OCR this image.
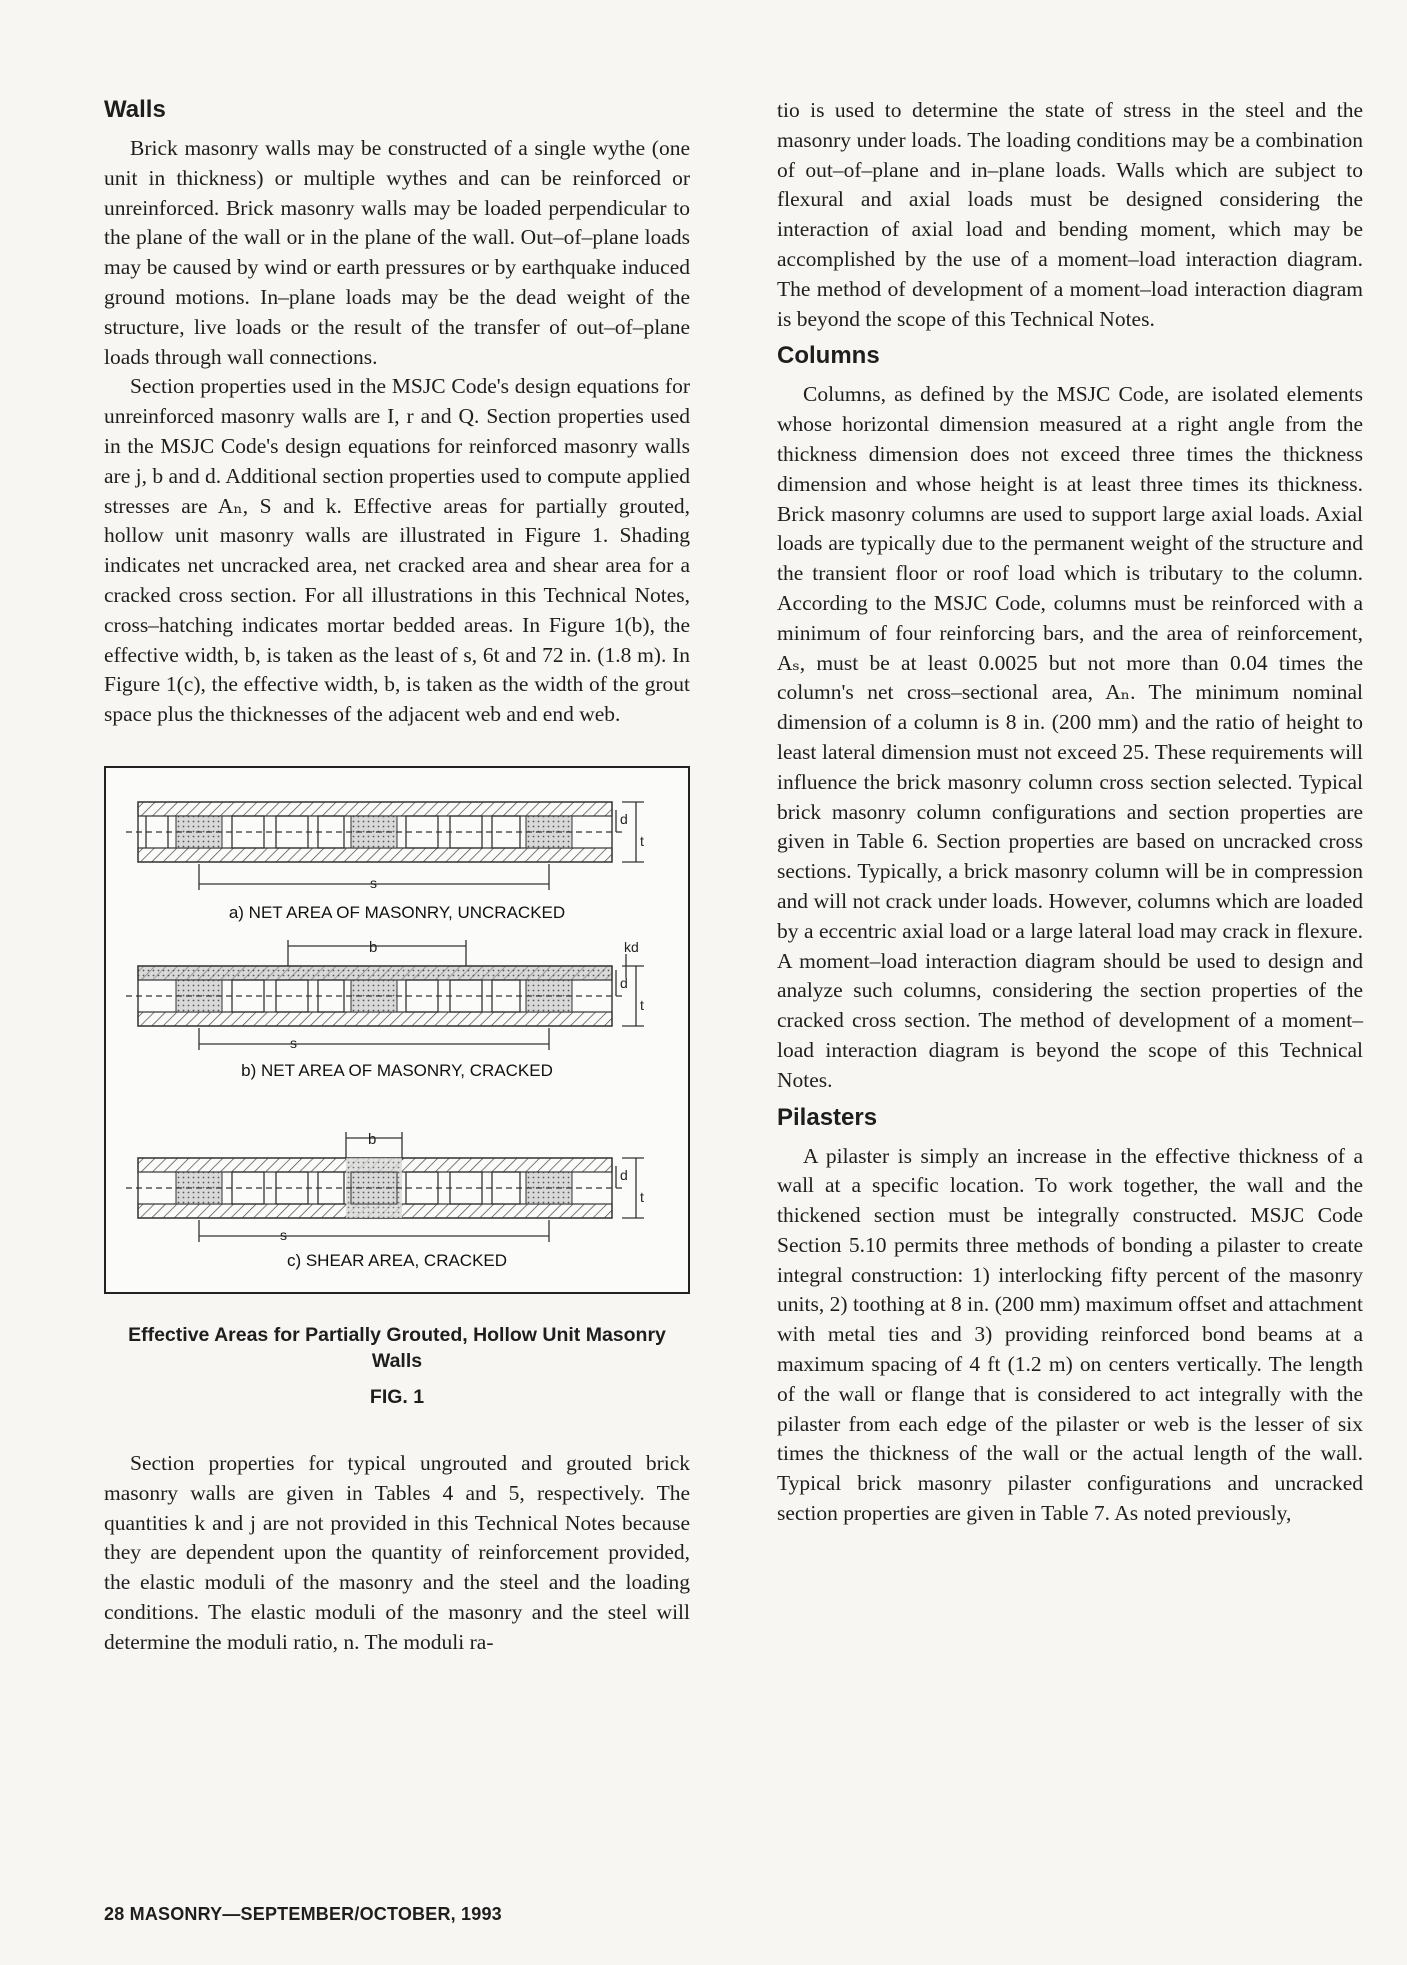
Walls

Brick masonry walls may be constructed of a single wythe (one unit in thickness) or multiple wythes and can be reinforced or unreinforced. Brick masonry walls may be loaded perpendicular to the plane of the wall or in the plane of the wall. Out–of–plane loads may be caused by wind or earth pressures or by earthquake induced ground motions. In–plane loads may be the dead weight of the structure, live loads or the result of the transfer of out–of–plane loads through wall connections.

Section properties used in the MSJC Code's design equations for unreinforced masonry walls are I, r and Q. Section properties used in the MSJC Code's design equations for reinforced masonry walls are j, b and d. Additional section properties used to compute applied stresses are Aₙ, S and k. Effective areas for partially grouted, hollow unit masonry walls are illustrated in Figure 1. Shading indicates net uncracked area, net cracked area and shear area for a cracked cross section. For all illustrations in this Technical Notes, cross–hatching indicates mortar bedded areas. In Figure 1(b), the effective width, b, is taken as the least of s, 6t and 72 in. (1.8 m). In Figure 1(c), the effective width, b, is taken as the width of the grout space plus the thicknesses of the adjacent web and end web.

d
t
s
a) NET AREA OF MASONRY, UNCRACKED
b	kd
d
t
s
b) NET AREA OF MASONRY, CRACKED
b
d
t
s
c) SHEAR AREA, CRACKED
Effective Areas for Partially Grouted, Hollow Unit Masonry Walls
FIG. 1

Section properties for typical ungrouted and grouted brick masonry walls are given in Tables 4 and 5, respectively. The quantities k and j are not provided in this Technical Notes because they are dependent upon the quantity of reinforcement provided, the elastic moduli of the masonry and the steel and the loading conditions. The elastic moduli of the masonry and the steel will determine the moduli ratio, n. The moduli ra-

tio is used to determine the state of stress in the steel and the masonry under loads. The loading conditions may be a combination of out–of–plane and in–plane loads. Walls which are subject to flexural and axial loads must be designed considering the interaction of axial load and bending moment, which may be accomplished by the use of a moment–load interaction diagram. The method of development of a moment–load interaction diagram is beyond the scope of this Technical Notes.

Columns

Columns, as defined by the MSJC Code, are isolated elements whose horizontal dimension measured at a right angle from the thickness dimension does not exceed three times the thickness dimension and whose height is at least three times its thickness. Brick masonry columns are used to support large axial loads. Axial loads are typically due to the permanent weight of the structure and the transient floor or roof load which is tributary to the column. According to the MSJC Code, columns must be reinforced with a minimum of four reinforcing bars, and the area of reinforcement, Aₛ, must be at least 0.0025 but not more than 0.04 times the column's net cross–sectional area, Aₙ. The minimum nominal dimension of a column is 8 in. (200 mm) and the ratio of height to least lateral dimension must not exceed 25. These requirements will influence the brick masonry column cross section selected. Typical brick masonry column configurations and section properties are given in Table 6. Section properties are based on uncracked cross sections. Typically, a brick masonry column will be in compression and will not crack under loads. However, columns which are loaded by a eccentric axial load or a large lateral load may crack in flexure. A moment–load interaction diagram should be used to design and analyze such columns, considering the section properties of the cracked cross section. The method of development of a moment–load interaction diagram is beyond the scope of this Technical Notes.

Pilasters

A pilaster is simply an increase in the effective thickness of a wall at a specific location. To work together, the wall and the thickened section must be integrally constructed. MSJC Code Section 5.10 permits three methods of bonding a pilaster to create integral construction: 1) interlocking fifty percent of the masonry units, 2) toothing at 8 in. (200 mm) maximum offset and attachment with metal ties and 3) providing reinforced bond beams at a maximum spacing of 4 ft (1.2 m) on centers vertically. The length of the wall or flange that is considered to act integrally with the pilaster from each edge of the pilaster or web is the lesser of six times the thickness of the wall or the actual length of the wall. Typical brick masonry pilaster configurations and uncracked section properties are given in Table 7. As noted previously,

28 MASONRY—SEPTEMBER/OCTOBER, 1993
